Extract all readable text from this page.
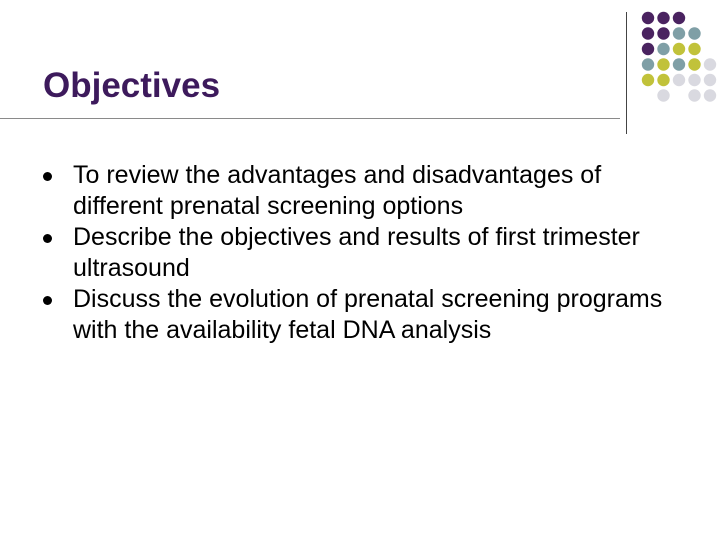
Objectives
To review the advantages and disadvantages of different prenatal screening options
Describe the objectives and results of first trimester ultrasound
Discuss the evolution of prenatal screening programs with the availability fetal DNA analysis
